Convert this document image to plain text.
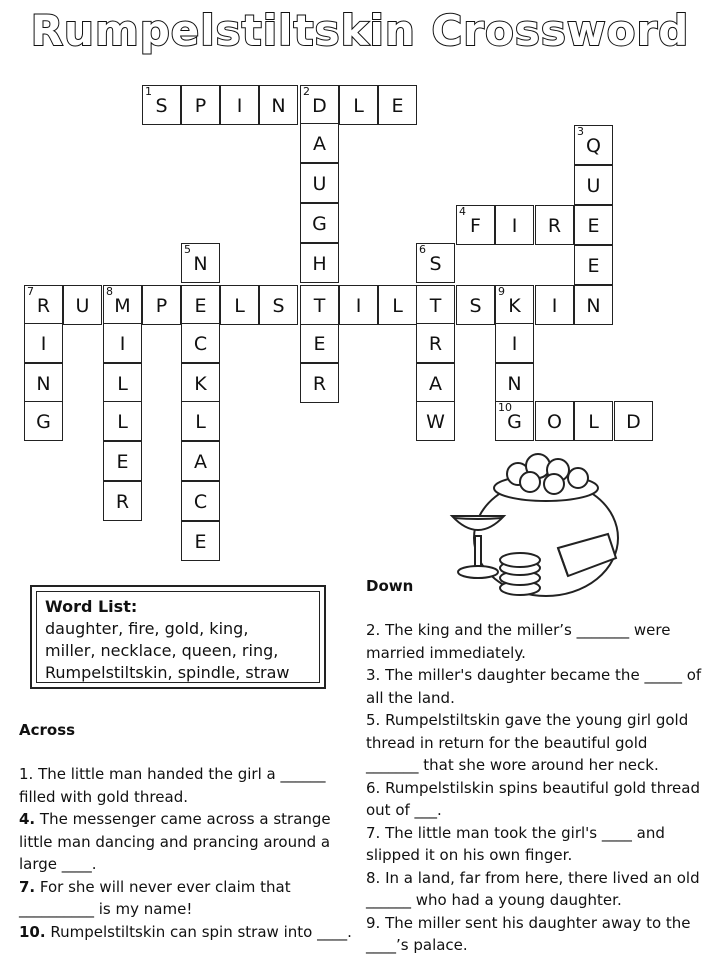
Rumpelstiltskin Crossword
1
S	P	I	N
2
D	L	E
A
U
G
H
E
R
3
Q
U
E
E
4
F	I	R
5
N
6
S
7
R	U
8
M	P	E	L	S	T	I	L	T	S
9
K	I	N
I
N
G
I
L
L
E
R
C
K
L
A
C
E
R
A
W
I
N
10
G	O	L	D
Word List:
daughter, fire, gold, king,
miller, necklace, queen, ring,
Rumpelstiltskin, spindle, straw
Across
1. The little man handed the girl a ______
filled with gold thread.
4. The messenger came across a strange
little man dancing and prancing around a
large ____.
7. For she will never ever claim that
__________ is my name!
10. Rumpelstiltskin can spin straw into ____.
Down
2. The king and the miller’s _______ were
married immediately.
3. The miller's daughter became the _____ of
all the land.
5. Rumpelstiltskin gave the young girl gold
thread in return for the beautiful gold
_______ that she wore around her neck.
6. Rumpelstilskin spins beautiful gold thread
out of ___.
7. The little man took the girl's ____ and
slipped it on his own finger.
8. In a land, far from here, there lived an old
______ who had a young daughter.
9. The miller sent his daughter away to the
____’s palace.
